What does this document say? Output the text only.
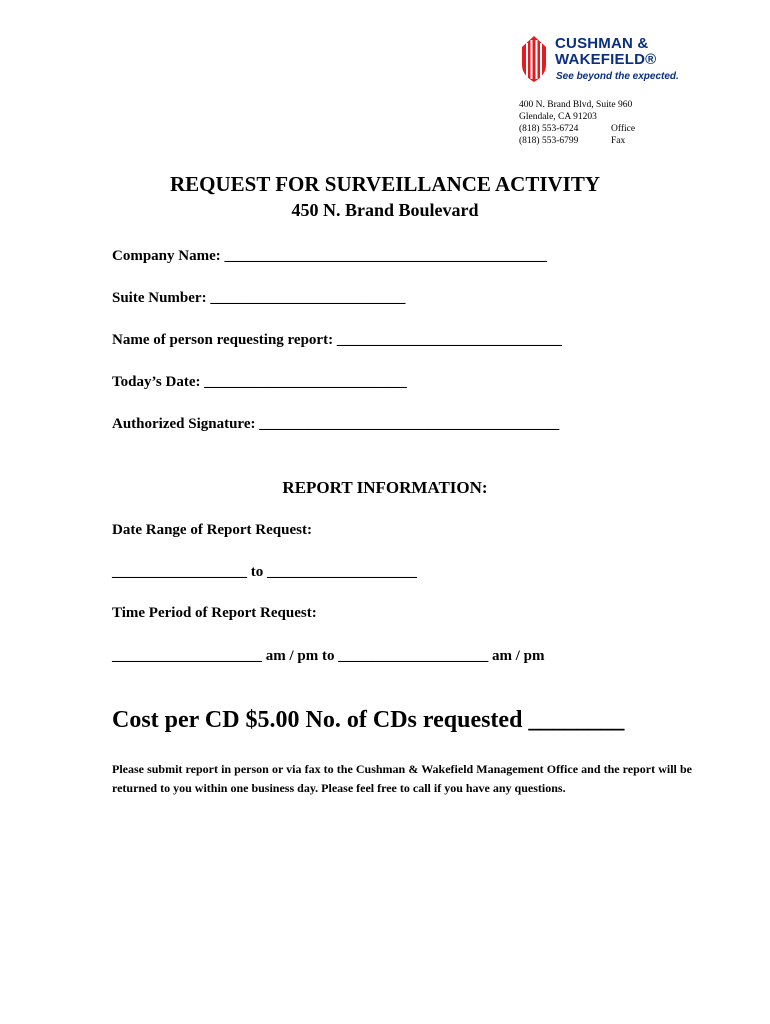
CUSHMAN &
WAKEFIELD®
See beyond the expected.
400 N. Brand Blvd, Suite 960
Glendale, CA 91203
(818) 553-6724	Office
(818) 553-6799	Fax
REQUEST FOR SURVEILLANCE ACTIVITY
450 N. Brand Boulevard
Company Name: ___________________________________________
Suite Number: __________________________
Name of person requesting report: ______________________________
Today’s Date: ___________________________
Authorized Signature: ________________________________________
REPORT INFORMATION:
Date Range of Report Request:
__________________ to ____________________
Time Period of Report Request:
____________________ am / pm to ____________________ am / pm
Cost per CD $5.00 No. of CDs requested ________
Please submit report in person or via fax to the Cushman & Wakefield Management Office and the report will be returned to you within one business day. Please feel free to call if you have any questions.
